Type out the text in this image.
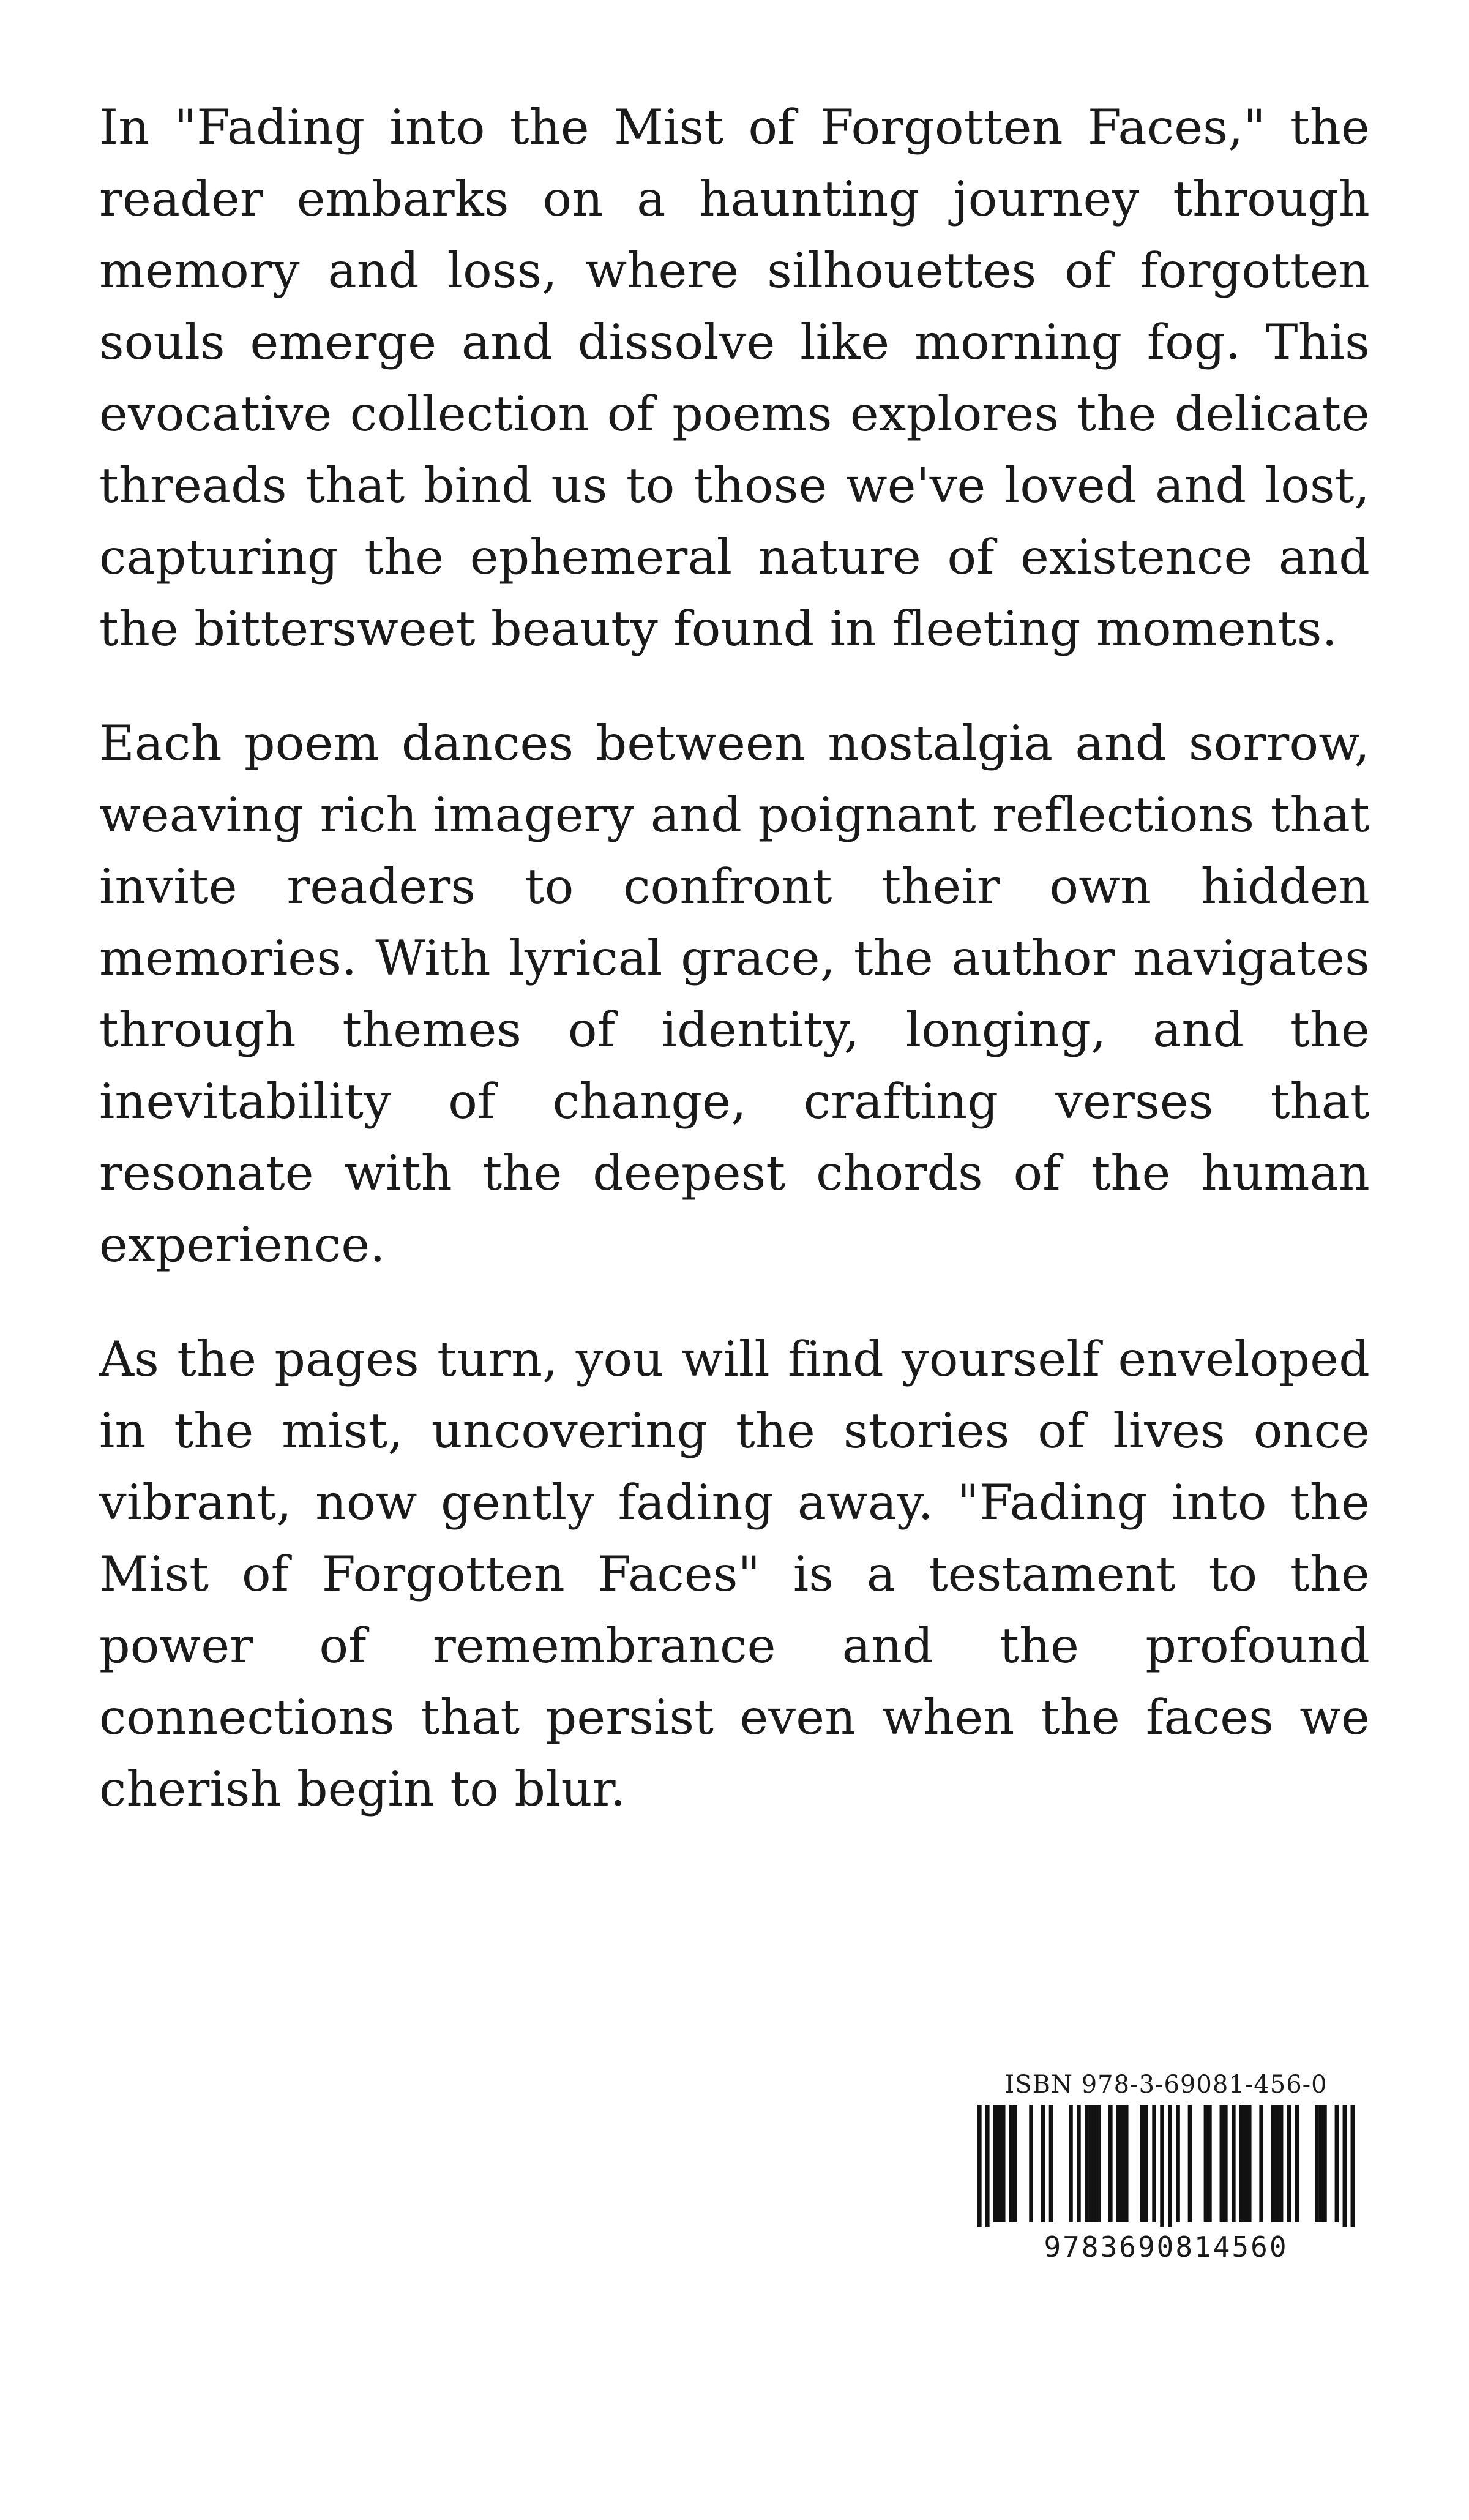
In "Fading into the Mist of Forgotten Faces," the reader embarks on a haunting journey through memory and loss, where silhouettes of forgotten souls emerge and dissolve like morning fog. This evocative collection of poems explores the delicate threads that bind us to those we've loved and lost, capturing the ephemeral nature of existence and the bittersweet beauty found in fleeting moments.

Each poem dances between nostalgia and sorrow, weaving rich imagery and poignant reflections that invite readers to confront their own hidden memories. With lyrical grace, the author navigates through themes of identity, longing, and the inevitability of change, crafting verses that resonate with the deepest chords of the human experience.

As the pages turn, you will find yourself enveloped in the mist, uncovering the stories of lives once vibrant, now gently fading away. "Fading into the Mist of Forgotten Faces" is a testament to the power of remembrance and the profound connections that persist even when the faces we cherish begin to blur.

ISBN 978-3-69081-456-0
9783690814560
